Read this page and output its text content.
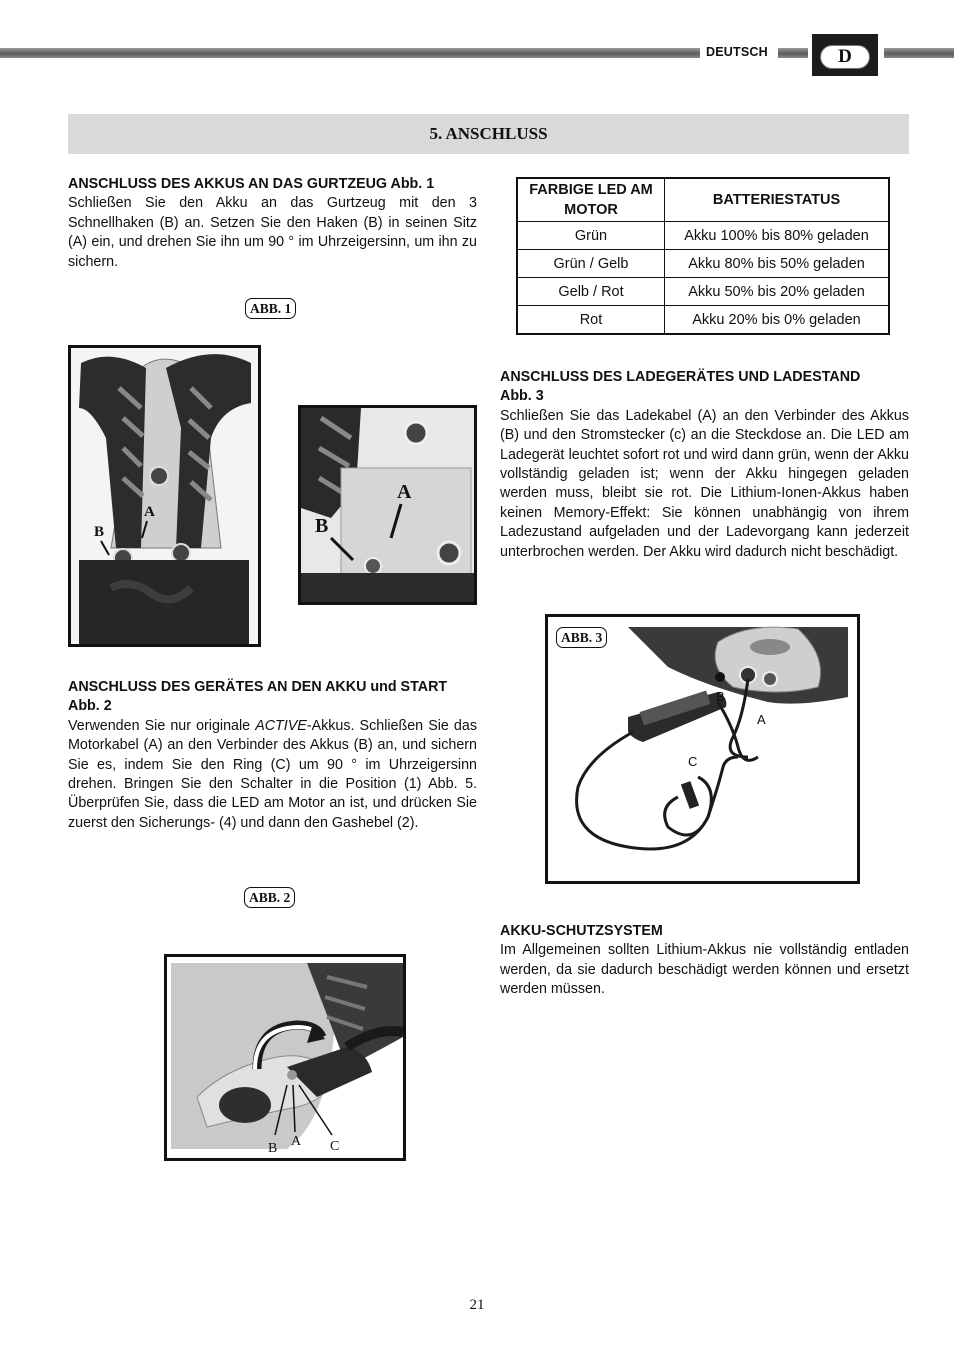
DEUTSCH	D
5. ANSCHLUSS
ANSCHLUSS DES AKKUS AN DAS GURTZEUG Abb. 1
Schließen Sie den Akku an das Gurtzeug mit den 3 Schnellhaken (B) an. Setzen Sie den Haken (B) in seinen Sitz (A) ein, und drehen Sie ihn um 90 ° im Uhrzeigersinn, um ihn zu sichern.
ABB. 1
B
A
A
B
ANSCHLUSS DES GERÄTES AN DEN AKKU und START
Abb. 2
Verwenden Sie nur originale ACTIVE-Akkus. Schließen Sie das Motorkabel (A) an den Verbinder des Akkus (B) an, und sichern Sie es, indem Sie den Ring (C) um 90 ° im Uhrzeigersinn drehen. Bringen Sie den Schalter in die Position (1) Abb. 5. Überprüfen Sie, dass die LED am Motor an ist, und drücken Sie zuerst den Sicherungs- (4) und dann den Gashebel (2).
ABB. 2
B A C
FARBIGE LED AM MOTOR	BATTERIESTATUS
Grün	Akku 100% bis 80% geladen
Grün / Gelb	Akku 80% bis 50% geladen
Gelb / Rot	Akku 50% bis 20% geladen
Rot	Akku 20% bis 0% geladen
ANSCHLUSS DES LADEGERÄTES UND LADESTAND
Abb. 3
Schließen Sie das Ladekabel (A) an den Verbinder des Akkus (B) und den Stromstecker (c) an die Steckdose an. Die LED am Ladegerät leuchtet sofort rot und wird dann grün, wenn der Akku vollständig geladen ist; wenn der Akku hingegen geladen werden muss, bleibt sie rot. Die Lithium-Ionen-Akkus haben keinen Memory-Effekt: Sie können unabhängig von ihrem Ladezustand aufgeladen und der Ladevorgang kann jederzeit unterbrochen werden. Der Akku wird dadurch nicht beschädigt.
B
A
C
ABB. 3
AKKU-SCHUTZSYSTEM
Im Allgemeinen sollten Lithium-Akkus nie vollständig entladen werden, da sie dadurch beschädigt werden können und ersetzt werden müssen.
21
